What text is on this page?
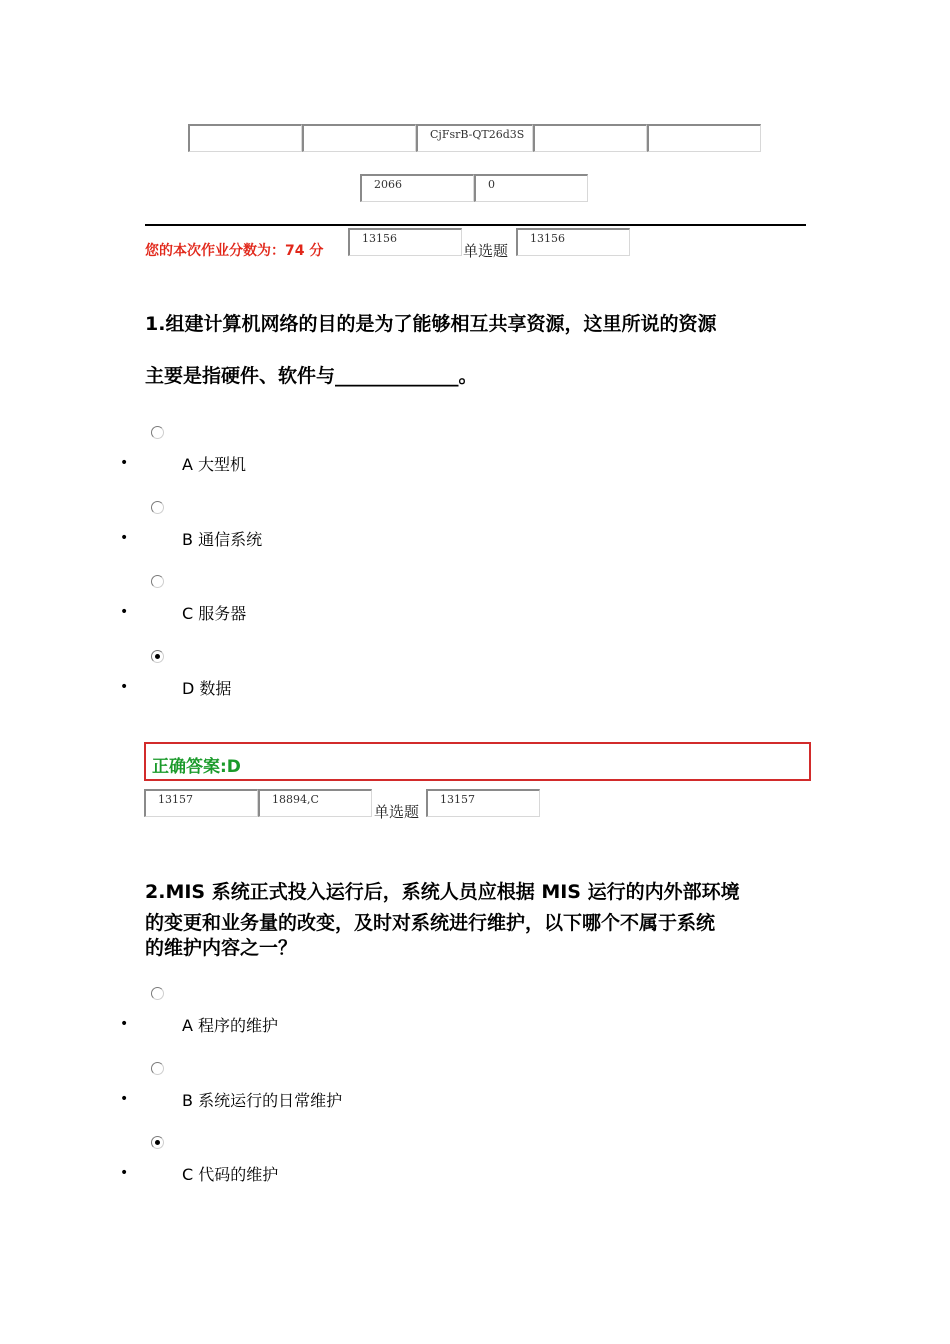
CjFsrB-QT26d3S
2066	0
您的本次作业分数为：74 分
13156
单选题
13156
1.组建计算机网络的目的是为了能够相互共享资源，这里所说的资源
主要是指硬件、软件与_____________。
•	A 大型机
•	B 通信系统
•	C 服务器
•	D 数据
正确答案:D
13157	18894,C
单选题
13157
2.MIS 系统正式投入运行后，系统人员应根据 MIS 运行的内外部环境
的变更和业务量的改变，及时对系统进行维护，以下哪个不属于系统
的维护内容之一？
•	A 程序的维护
•	B 系统运行的日常维护
•	C 代码的维护
